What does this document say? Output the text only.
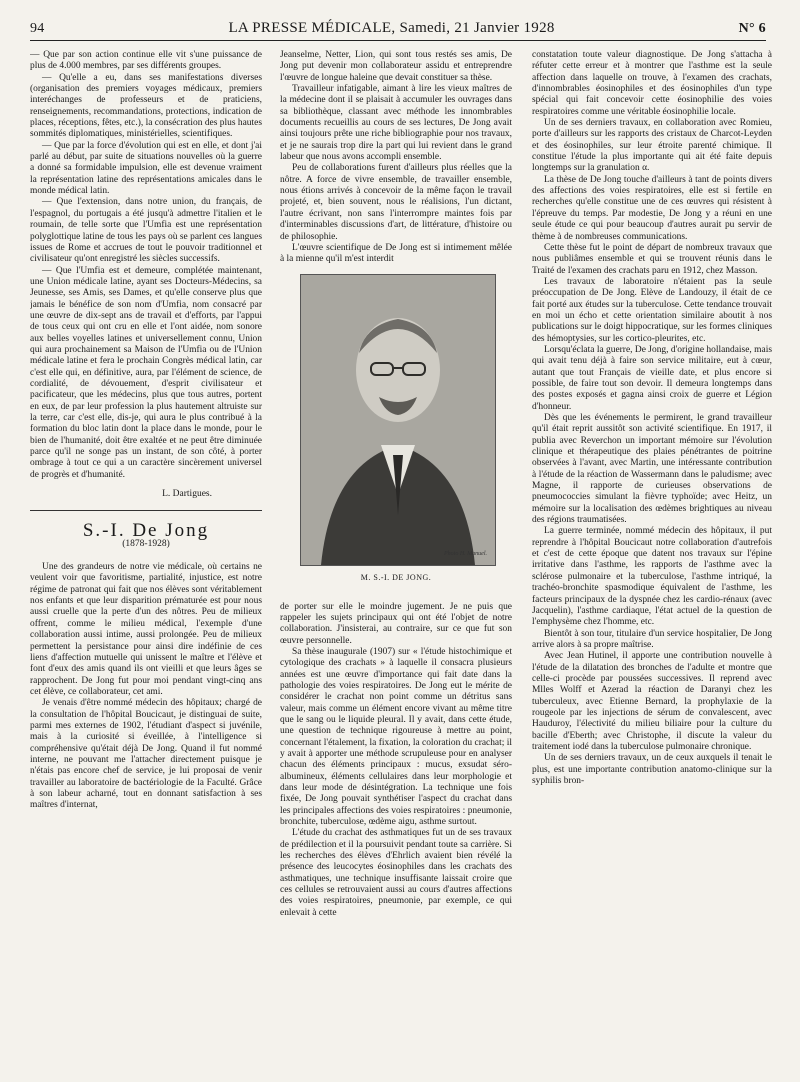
94	LA PRESSE MÉDICALE, Samedi, 21 Janvier 1928	N° 6

— Que par son action continue elle vit s'une puissance de plus de 4.000 membres, par ses différents groupes.

— Qu'elle a eu, dans ses manifestations diverses (organisation des premiers voyages médicaux, premiers interéchanges de professeurs et de praticiens, renseignements, recommandations, protections, indication de places, réceptions, fêtes, etc.), la consécration des plus hautes sommités diplomatiques, ministérielles, scientifiques.

— Que par la force d'évolution qui est en elle, et dont j'ai parlé au début, par suite de situations nouvelles où la guerre a donné sa formidable impulsion, elle est devenue vraiment la représentation latine des représentations amicales dans le monde médical latin.

— Que l'extension, dans notre union, du français, de l'espagnol, du portugais a été jusqu'à admettre l'italien et le roumain, de telle sorte que l'Umfia est une représentation polyglottique latine de tous les pays où se parlent ces langues issues de Rome et accrues de tout le pouvoir traditionnel et civilisateur qu'ont enregistré les siècles successifs.

— Que l'Umfia est et demeure, complétée maintenant, une Union médicale latine, ayant ses Docteurs-Médecins, sa Jeunesse, ses Amis, ses Dames, et qu'elle conserve plus que jamais le bénéfice de son nom d'Umfia, nom consacré par une œuvre de dix-sept ans de travail et d'efforts, par l'appui de tous ceux qui ont cru en elle et l'ont aidée, nom sonore aux belles voyelles latines et universellement connu, Union qui aura prochainement sa Maison de l'Umfia ou de l'Union médicale latine et fera le prochain Congrès médical latin, car c'est elle qui, en définitive, aura, par l'élément de science, de cordialité, de dévouement, d'esprit civilisateur et pacificateur, que les médecins, plus que tous autres, portent en eux, de par leur profession la plus hautement altruiste sur la terre, car c'est elle, dis-je, qui aura le plus contribué à la formation du bloc latin dont la place dans le monde, pour le bien de l'humanité, doit être exaltée et ne peut être diminuée parce qu'il ne songe pas un instant, de son côté, à porter ombrage à tout ce qui a un caractère sincèrement universel de progrès et d'humanité.

L. Dartigues.
S.-I. De Jong
(1878-1928)

Une des grandeurs de notre vie médicale, où certains ne veulent voir que favoritisme, partialité, injustice, est notre régime de patronat qui fait que nos élèves sont véritablement nos enfants et que leur disparition prématurée est pour nous aussi cruelle que la perte d'un des nôtres. Peu de milieux offrent, comme le milieu médical, l'exemple d'une collaboration aussi intime, aussi prolongée. Peu de milieux permettent la persistance pour ainsi dire indéfinie de ces liens d'affection mutuelle qui unissent le maître et l'élève et font d'eux des amis quand ils ont vieilli et que leurs âges se rapprochent. De Jong fut pour moi pendant vingt-cinq ans cet élève, ce collaborateur, cet ami.

Je venais d'être nommé médecin des hôpitaux; chargé de la consultation de l'hôpital Boucicaut, je distinguai de suite, parmi mes externes de 1902, l'étudiant d'aspect si juvénile, mais à la curiosité si éveillée, à l'intelligence si compréhensive qu'était déjà De Jong. Quand il fut nommé interne, ne pouvant me l'attacher directement puisque je n'étais pas encore chef de service, je lui proposai de venir travailler au laboratoire de bactériologie de la Faculté. Grâce à son labeur acharné, tout en donnant satisfaction à ses maîtres d'internat,

Jeanselme, Netter, Lion, qui sont tous restés ses amis, De Jong put devenir mon collaborateur assidu et entreprendre l'œuvre de longue haleine que devait constituer sa thèse.

Travailleur infatigable, aimant à lire les vieux maîtres de la médecine dont il se plaisait à accumuler les ouvrages dans sa bibliothèque, classant avec méthode les innombrables documents recueillis au cours de ses lectures, De Jong avait ainsi toujours prête une riche bibliographie pour nos travaux, et je ne saurais trop dire la part qui lui revient dans le grand labeur que nous avons accompli ensemble.

Peu de collaborations furent d'ailleurs plus réelles que la nôtre. A force de vivre ensemble, de travailler ensemble, nous étions arrivés à concevoir de la même façon le travail projeté, et, bien souvent, nous le réalisions, l'un dictant, l'autre écrivant, non sans l'interrompre maintes fois par d'interminables discussions d'art, de littérature, d'histoire ou de philosophie.

L'œuvre scientifique de De Jong est si intimement mêlée à la mienne qu'il m'est interdit

Photo H. Manuel.
M. S.-I. DE JONG.

de porter sur elle le moindre jugement. Je ne puis que rappeler les sujets principaux qui ont été l'objet de notre collaboration. J'insisterai, au contraire, sur ce que fut son œuvre personnelle.

Sa thèse inaugurale (1907) sur « l'étude histochimique et cytologique des crachats » à laquelle il consacra plusieurs années est une œuvre d'importance qui fait date dans la pathologie des voies respiratoires. De Jong eut le mérite de considérer le crachat non point comme un détritus sans valeur, mais comme un élément encore vivant au même titre que le sang ou le liquide pleural. Il y avait, dans cette étude, une question de technique rigoureuse à mettre au point, concernant l'étalement, la fixation, la coloration du crachat; il y avait à apporter une méthode scrupuleuse pour en analyser chacun des éléments principaux : mucus, exsudat séro-albumineux, éléments cellulaires dans leur morphologie et dans leur mode de désintégration. La technique une fois fixée, De Jong pouvait synthétiser l'aspect du crachat dans les principales affections des voies respiratoires : pneumonie, bronchite, tuberculose, œdème aigu, asthme surtout.

L'étude du crachat des asthmatiques fut un de ses travaux de prédilection et il la poursuivit pendant toute sa carrière. Si les recherches des élèves d'Ehrlich avaient bien révélé la présence des leucocytes éosinophiles dans les crachats des asthmatiques, une technique insuffisante laissait croire que ces cellules se retrouvaient aussi au cours d'autres affections des voies respiratoires, pneumonie, par exemple, ce qui enlevait à cette

constatation toute valeur diagnostique. De Jong s'attacha à réfuter cette erreur et à montrer que l'asthme est la seule affection dans laquelle on trouve, à l'examen des crachats, d'innombrables éosinophiles et des éosinophiles d'un type spécial qui fait concevoir cette éosinophilie des voies respiratoires comme une véritable éosinophilie locale.

Un de ses derniers travaux, en collaboration avec Romieu, porte d'ailleurs sur les rapports des cristaux de Charcot-Leyden et des éosinophiles, sur leur étroite parenté chimique. Il constitue l'étude la plus importante qui ait été faite depuis longtemps sur la granulation α.

La thèse de De Jong touche d'ailleurs à tant de points divers des affections des voies respiratoires, elle est si fertile en recherches qu'elle constitue une de ces œuvres qui résistent à l'épreuve du temps. Par modestie, De Jong y a réuni en une seule étude ce qui pour beaucoup d'autres aurait pu servir de thème à de nombreuses communications.

Cette thèse fut le point de départ de nombreux travaux que nous publiâmes ensemble et qui se trouvent réunis dans le Traité de l'examen des crachats paru en 1912, chez Masson.

Les travaux de laboratoire n'étaient pas la seule préoccupation de De Jong. Elève de Landouzy, il était de ce fait porté aux études sur la tuberculose. Cette tendance trouvait en moi un écho et cette orientation similaire aboutit à nos publications sur le doigt hippocratique, sur les formes cliniques des hémoptysies, sur les cortico-pleurites, etc.

Lorsqu'éclata la guerre, De Jong, d'origine hollandaise, mais qui avait tenu déjà à faire son service militaire, eut à cœur, autant que tout Français de vieille date, et plus encore si possible, de faire tout son devoir. Il demeura longtemps dans des postes exposés et gagna ainsi croix de guerre et Légion d'honneur.

Dès que les événements le permirent, le grand travailleur qu'il était reprit aussitôt son activité scientifique. En 1917, il publia avec Reverchon un important mémoire sur l'évolution clinique et thérapeutique des plaies pénétrantes de poitrine observées à l'avant, avec Martin, une intéressante contribution à l'étude de la réaction de Wassermann dans le paludisme; avec Magne, il rapporte de curieuses observations de pneumococcies simulant la fièvre typhoïde; avec Heitz, un mémoire sur la localisation des œdèmes brightiques au niveau des régions traumatisées.

La guerre terminée, nommé médecin des hôpitaux, il put reprendre à l'hôpital Boucicaut notre collaboration d'autrefois et c'est de cette époque que datent nos travaux sur l'épine irritative dans l'asthme, les rapports de l'asthme avec la sclérose pulmonaire et la tuberculose, l'asthme intriqué, la trachéo-bronchite spasmodique équivalent de l'asthme, les facteurs principaux de la dyspnée chez les cardio-rénaux (avec Jacquelin), l'asthme cardiaque, l'état actuel de la question de l'emphysème chez l'homme, etc.

Bientôt à son tour, titulaire d'un service hospitalier, De Jong arrive alors à sa propre maîtrise.

Avec Jean Hutinel, il apporte une contribution nouvelle à l'étude de la dilatation des bronches de l'adulte et montre que celle-ci procède par poussées successives. Il reprend avec Mlles Wolff et Azerad la réaction de Daranyi chez les tuberculeux, avec Etienne Bernard, la prophylaxie de la rougeole par les injections de sérum de convalescent, avec Hauduroy, l'électivité du milieu biliaire pour la culture du bacille d'Eberth; avec Christophe, il discute la valeur du traitement iodé dans la tuberculose pulmonaire chronique.

Un de ses derniers travaux, un de ceux auxquels il tenait le plus, est une importante contribution anatomo-clinique sur la syphilis bron-
